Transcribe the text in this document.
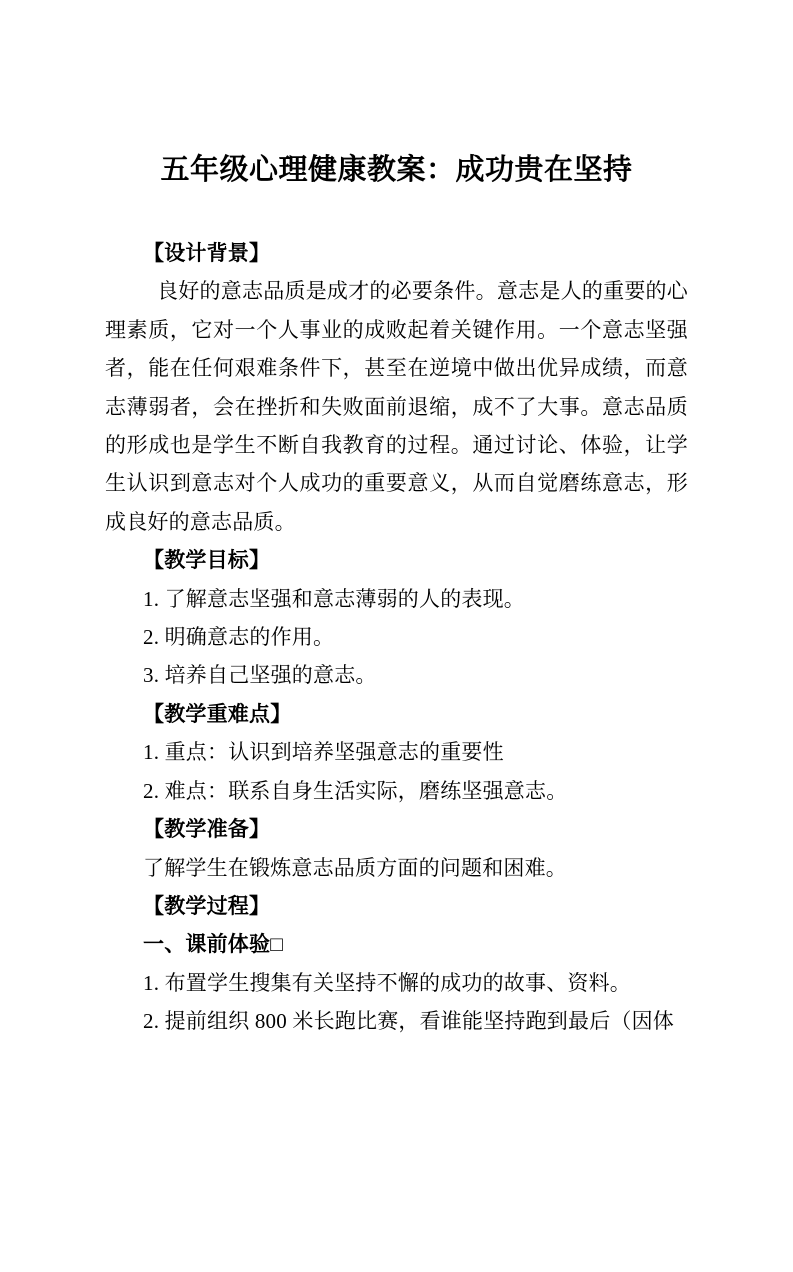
五年级心理健康教案：成功贵在坚持
【设计背景】
良好的意志品质是成才的必要条件。意志是人的重要的心理素质，它对一个人事业的成败起着关键作用。一个意志坚强者，能在任何艰难条件下，甚至在逆境中做出优异成绩，而意志薄弱者，会在挫折和失败面前退缩，成不了大事。意志品质的形成也是学生不断自我教育的过程。通过讨论、体验，让学生认识到意志对个人成功的重要意义，从而自觉磨练意志，形成良好的意志品质。
【教学目标】
1. 了解意志坚强和意志薄弱的人的表现。
2. 明确意志的作用。
3. 培养自己坚强的意志。
【教学重难点】
1. 重点：认识到培养坚强意志的重要性
2. 难点：联系自身生活实际，磨练坚强意志。
【教学准备】
了解学生在锻炼意志品质方面的问题和困难。
【教学过程】
一、课前体验□
1. 布置学生搜集有关坚持不懈的成功的故事、资料。
2. 提前组织 800 米长跑比赛，看谁能坚持跑到最后（因体
